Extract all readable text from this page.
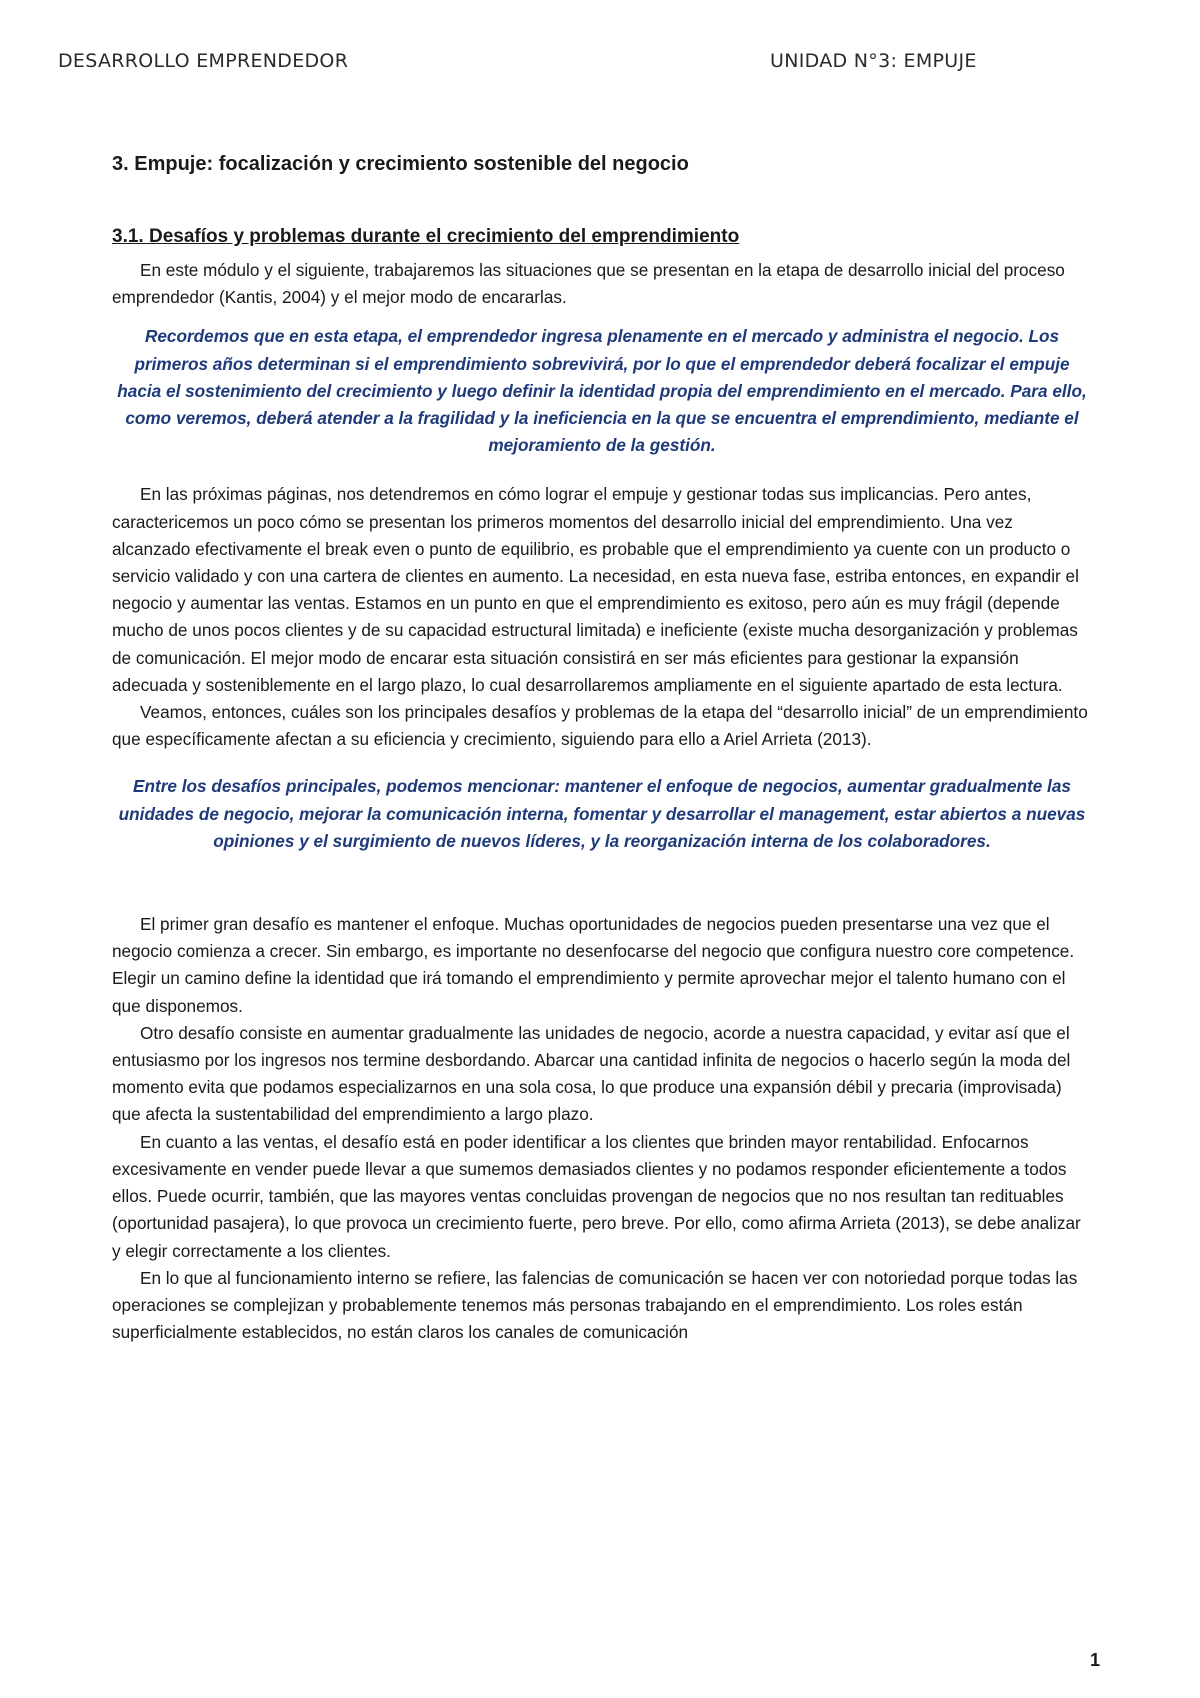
DESARROLLO EMPRENDEDOR	UNIDAD N°3: EMPUJE
3. Empuje: focalización y crecimiento sostenible del negocio
3.1. Desafíos y problemas durante el crecimiento del emprendimiento

En este módulo y el siguiente, trabajaremos las situaciones que se presentan en la etapa de desarrollo inicial del proceso emprendedor (Kantis, 2004) y el mejor modo de encararlas.

Recordemos que en esta etapa, el emprendedor ingresa plenamente en el mercado y administra el negocio. Los primeros años determinan si el emprendimiento sobrevivirá, por lo que el emprendedor deberá focalizar el empuje hacia el sostenimiento del crecimiento y luego definir la identidad propia del emprendimiento en el mercado. Para ello, como veremos, deberá atender a la fragilidad y la ineficiencia en la que se encuentra el emprendimiento, mediante el mejoramiento de la gestión.

En las próximas páginas, nos detendremos en cómo lograr el empuje y gestionar todas sus implicancias. Pero antes, caractericemos un poco cómo se presentan los primeros momentos del desarrollo inicial del emprendimiento. Una vez alcanzado efectivamente el break even o punto de equilibrio, es probable que el emprendimiento ya cuente con un producto o servicio validado y con una cartera de clientes en aumento. La necesidad, en esta nueva fase, estriba entonces, en expandir el negocio y aumentar las ventas. Estamos en un punto en que el emprendimiento es exitoso, pero aún es muy frágil (depende mucho de unos pocos clientes y de su capacidad estructural limitada) e ineficiente (existe mucha desorganización y problemas de comunicación. El mejor modo de encarar esta situación consistirá en ser más eficientes para gestionar la expansión adecuada y sosteniblemente en el largo plazo, lo cual desarrollaremos ampliamente en el siguiente apartado de esta lectura.

Veamos, entonces, cuáles son los principales desafíos y problemas de la etapa del “desarrollo inicial” de un emprendimiento que específicamente afectan a su eficiencia y crecimiento, siguiendo para ello a Ariel Arrieta (2013).

Entre los desafíos principales, podemos mencionar: mantener el enfoque de negocios, aumentar gradualmente las unidades de negocio, mejorar la comunicación interna, fomentar y desarrollar el management, estar abiertos a nuevas opiniones y el surgimiento de nuevos líderes, y la reorganización interna de los colaboradores.

El primer gran desafío es mantener el enfoque. Muchas oportunidades de negocios pueden presentarse una vez que el negocio comienza a crecer. Sin embargo, es importante no desenfocarse del negocio que configura nuestro core competence. Elegir un camino define la identidad que irá tomando el emprendimiento y permite aprovechar mejor el talento humano con el que disponemos.

Otro desafío consiste en aumentar gradualmente las unidades de negocio, acorde a nuestra capacidad, y evitar así que el entusiasmo por los ingresos nos termine desbordando. Abarcar una cantidad infinita de negocios o hacerlo según la moda del momento evita que podamos especializarnos en una sola cosa, lo que produce una expansión débil y precaria (improvisada) que afecta la sustentabilidad del emprendimiento a largo plazo.

En cuanto a las ventas, el desafío está en poder identificar a los clientes que brinden mayor rentabilidad. Enfocarnos excesivamente en vender puede llevar a que sumemos demasiados clientes y no podamos responder eficientemente a todos ellos. Puede ocurrir, también, que las mayores ventas concluidas provengan de negocios que no nos resultan tan redituables (oportunidad pasajera), lo que provoca un crecimiento fuerte, pero breve. Por ello, como afirma Arrieta (2013), se debe analizar y elegir correctamente a los clientes.

En lo que al funcionamiento interno se refiere, las falencias de comunicación se hacen ver con notoriedad porque todas las operaciones se complejizan y probablemente tenemos más personas trabajando en el emprendimiento. Los roles están superficialmente establecidos, no están claros los canales de comunicación

1
